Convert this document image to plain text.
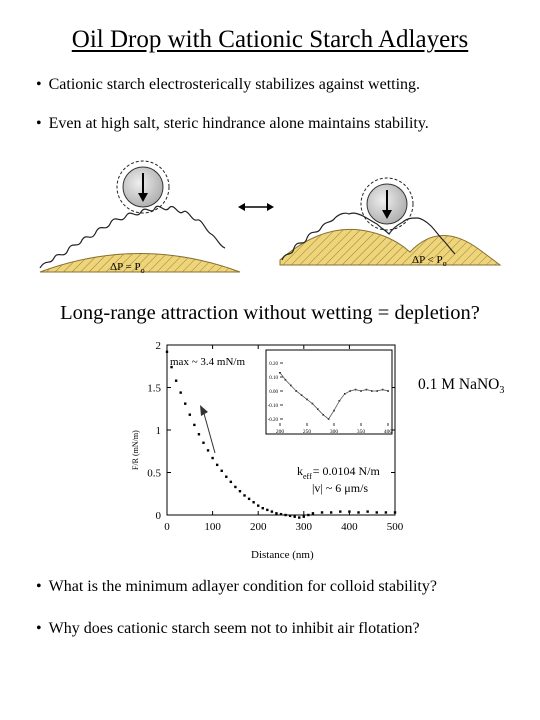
Oil Drop with Cationic Starch Adlayers
• Cationic starch electrosterically stabilizes against wetting.
• Even at high salt, steric hindrance alone maintains stability.
$\Delta P = P_o$
$\Delta P < P_o$
Long-range attraction without wetting = depletion?
0.1 M NaNO$_3$
0
0.5
1
1.5
2
0	100	200	300	400	500
max ~ 3.4 mN/m
F/R (mN/m)
Distance (nm)
$k_{eff}= 0.0104$ N/m
|v| ~ 6 μm/s
0.20
0.10
0.00
-0.10
-0.20
200	250	300	350	400
• What is the minimum adlayer condition for colloid stability?
• Why does cationic starch seem not to inhibit air flotation?
